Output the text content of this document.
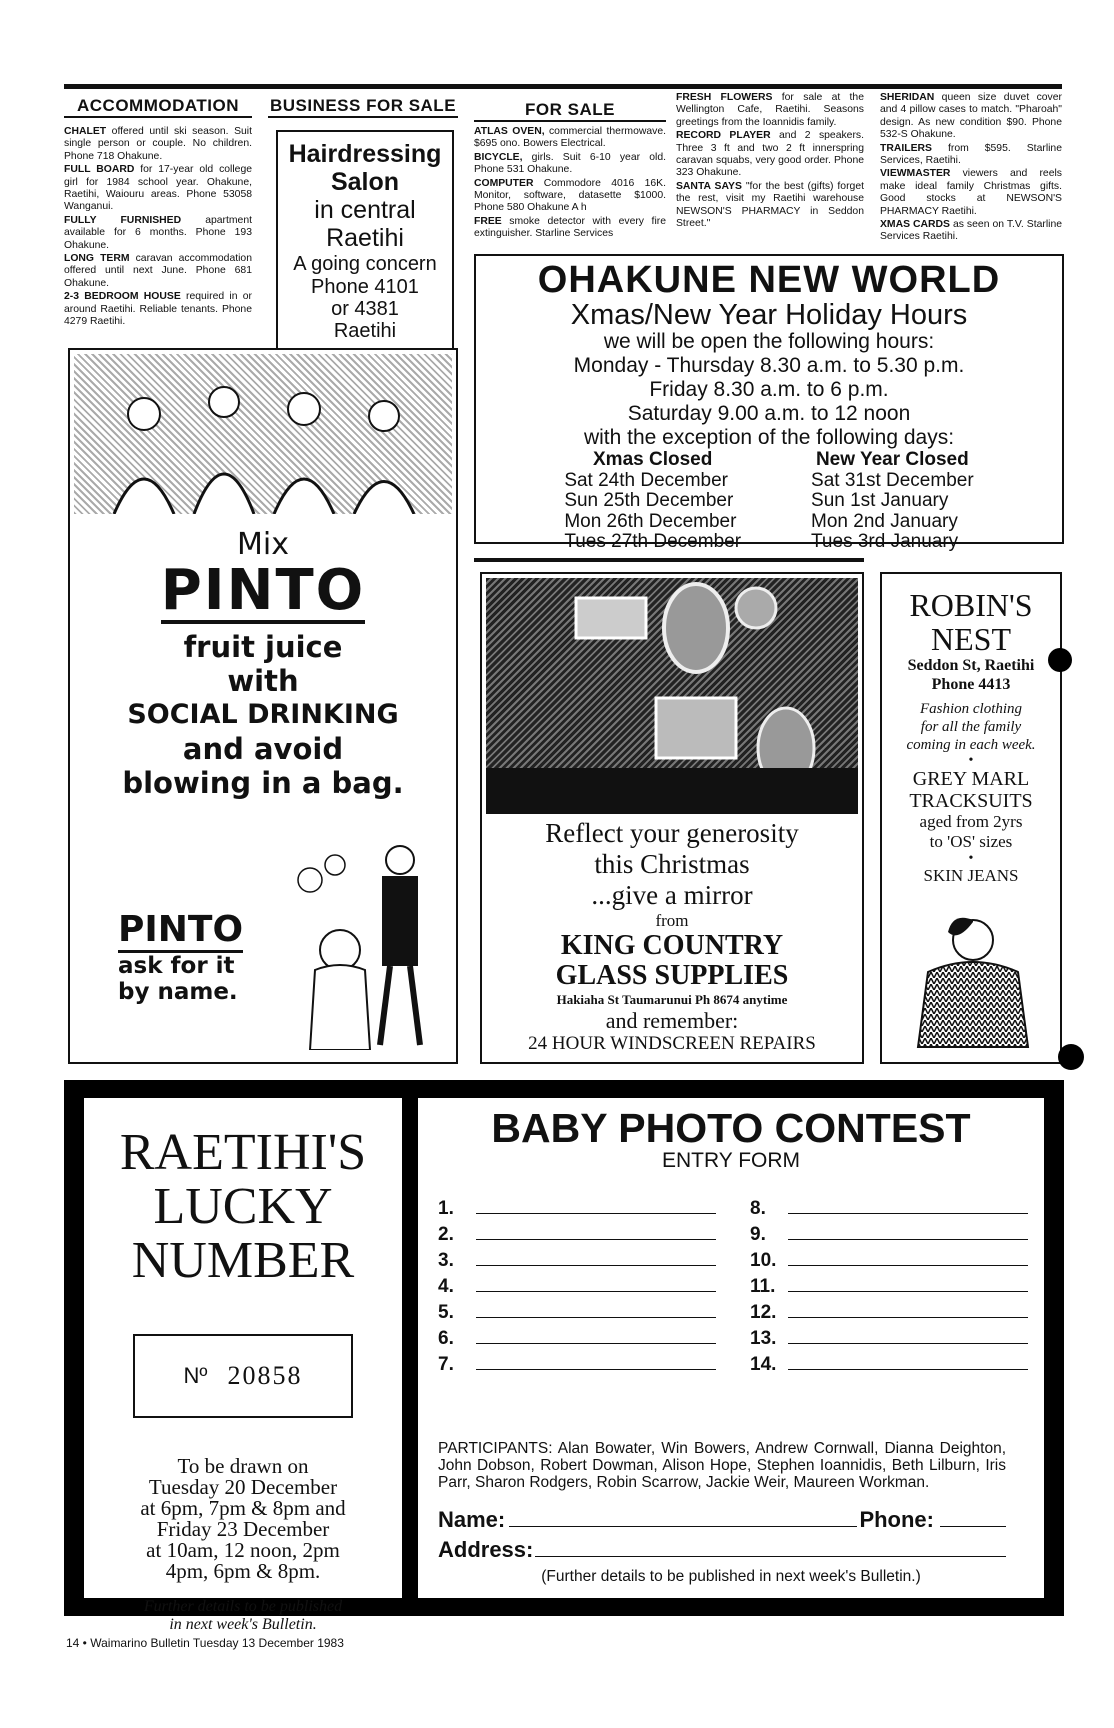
ACCOMMODATION

CHALET offered until ski season. Suit single person or couple. No children. Phone 718 Ohakune.

FULL BOARD for 17-year old college girl for 1984 school year. Ohakune, Raetihi, Waiouru areas. Phone 53058 Wanganui.

FULLY FURNISHED apartment available for 6 months. Phone 193 Ohakune.

LONG TERM caravan accommodation offered until next June. Phone 681 Ohakune.

2-3 BEDROOM HOUSE required in or around Raetihi. Reliable tenants. Phone 4279 Raetihi.

BUSINESS FOR SALE
Hairdressing
Salon
in central
Raetihi
A going concern
Phone 4101
or 4381
Raetihi
FOR SALE

ATLAS OVEN, commercial thermowave. $695 ono. Bowers Electrical.

BICYCLE, girls. Suit 6-10 year old. Phone 531 Ohakune.

COMPUTER Commodore 4016 16K. Monitor, software, datasette $1000. Phone 580 Ohakune A h

FREE smoke detector with every fire extinguisher. Starline Services

FRESH FLOWERS for sale at the Wellington Cafe, Raetihi. Seasons greetings from the Ioannidis family.

RECORD PLAYER and 2 speakers. Three 3 ft and two 2 ft innerspring caravan squabs, very good order. Phone 323 Ohakune.

SANTA SAYS "for the best (gifts) forget the rest, visit my Raetihi warehouse NEWSON'S PHARMACY in Seddon Street."

SHERIDAN queen size duvet cover and 4 pillow cases to match. "Pharoah" design. As new condition $90. Phone 532-S Ohakune.

TRAILERS from $595. Starline Services, Raetihi.

VIEWMASTER viewers and reels make ideal family Christmas gifts. Good stocks at NEWSON'S PHARMACY Raetihi.

XMAS CARDS as seen on T.V. Starline Services Raetihi.

OHAKUNE NEW WORLD
Xmas/New Year Holiday Hours
we will be open the following hours:
Monday - Thursday 8.30 a.m. to 5.30 p.m.
Friday 8.30 a.m. to 6 p.m.
Saturday 9.00 a.m. to 12 noon
with the exception of the following days:
Xmas Closed
Sat 24th December
Sun 25th December
Mon 26th December
Tues 27th December
New Year Closed
Sat 31st December
Sun 1st January
Mon 2nd January
Tues 3rd January
Mix
PINTO
fruit juice
with
SOCIAL DRINKING
and avoid
blowing in a bag.
PINTO
ask for it
by name.
Reflect your generosity
this Christmas
...give a mirror
from
KING COUNTRY
GLASS SUPPLIES
Hakiaha St Taumarunui Ph 8674 anytime
and remember:
24 HOUR WINDSCREEN REPAIRS
ROBIN'S
NEST
Seddon St, Raetihi
Phone 4413
Fashion clothing
for all the family
coming in each week.
•
GREY MARL
TRACKSUITS
aged from 2yrs
to 'OS' sizes
•
SKIN JEANS
RAETIHI'S
LUCKY
NUMBER
Nº 20858
To be drawn on
Tuesday 20 December
at 6pm, 7pm & 8pm and
Friday 23 December
at 10am, 12 noon, 2pm
4pm, 6pm & 8pm.
Further details to be published
in next week's Bulletin.
BABY PHOTO CONTEST
ENTRY FORM
1.
2.
3.
4.
5.
6.
7.
8.
9.
10.
11.
12.
13.
14.
PARTICIPANTS: Alan Bowater, Win Bowers, Andrew Cornwall, Dianna Deighton, John Dobson, Robert Dowman, Alison Hope, Stephen Ioannidis, Beth Lilburn, Iris Parr, Sharon Rodgers, Robin Scarrow, Jackie Weir, Maureen Workman.
Name:	Phone:
Address:
(Further details to be published in next week's Bulletin.)
14 • Waimarino Bulletin Tuesday 13 December 1983
